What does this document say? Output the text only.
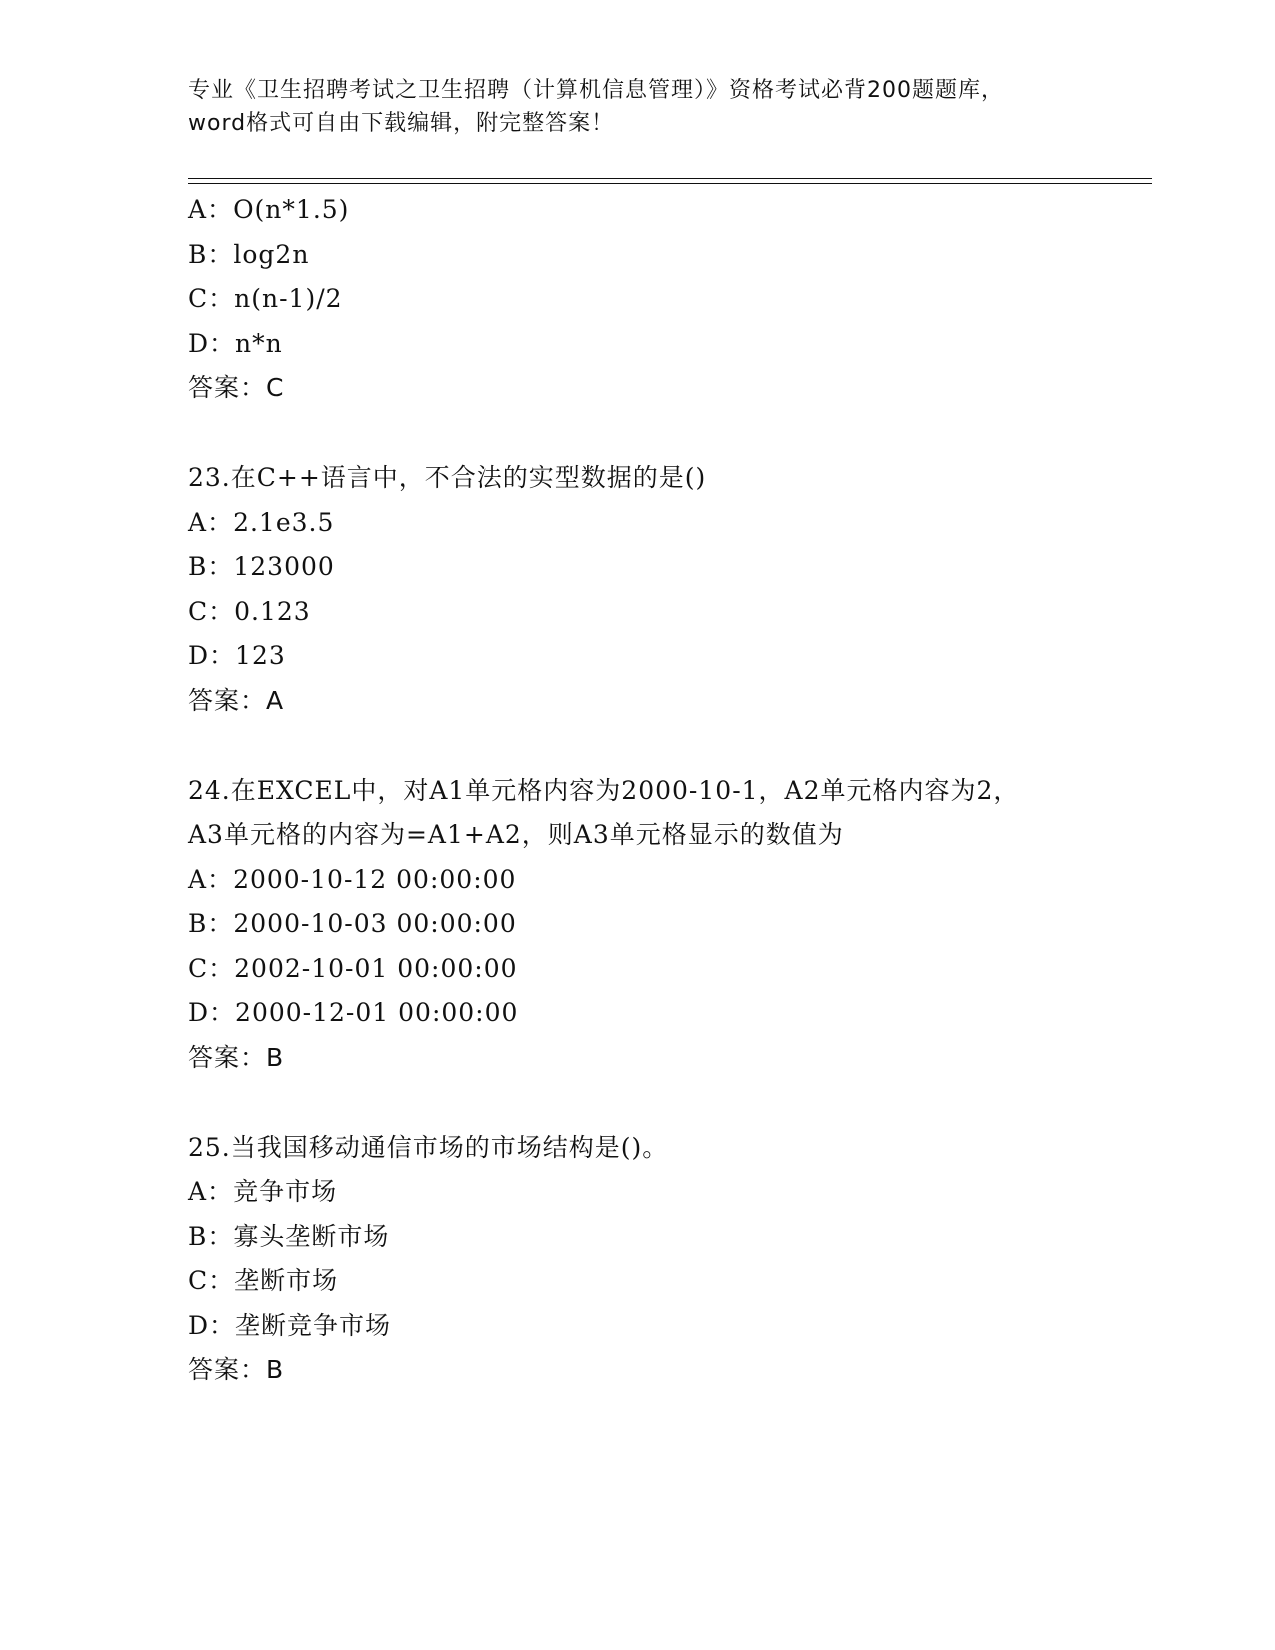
专业《卫生招聘考试之卫生招聘（计算机信息管理）》资格考试必背200题题库，
word格式可自由下载编辑，附完整答案！
A：O(n*1.5)
B：log2n
C：n(n-1)/2
D：n*n
答案：C
23.在C++语言中，不合法的实型数据的是()
A：2.1e3.5
B：123000
C：0.123
D：123
答案：A
24.在EXCEL中，对A1单元格内容为2000-10-1，A2单元格内容为2，
A3单元格的内容为=A1+A2，则A3单元格显示的数值为
A：2000-10-12 00:00:00
B：2000-10-03 00:00:00
C：2002-10-01 00:00:00
D：2000-12-01 00:00:00
答案：B
25.当我国移动通信市场的市场结构是()。
A：竞争市场
B：寡头垄断市场
C：垄断市场
D：垄断竞争市场
答案：B
